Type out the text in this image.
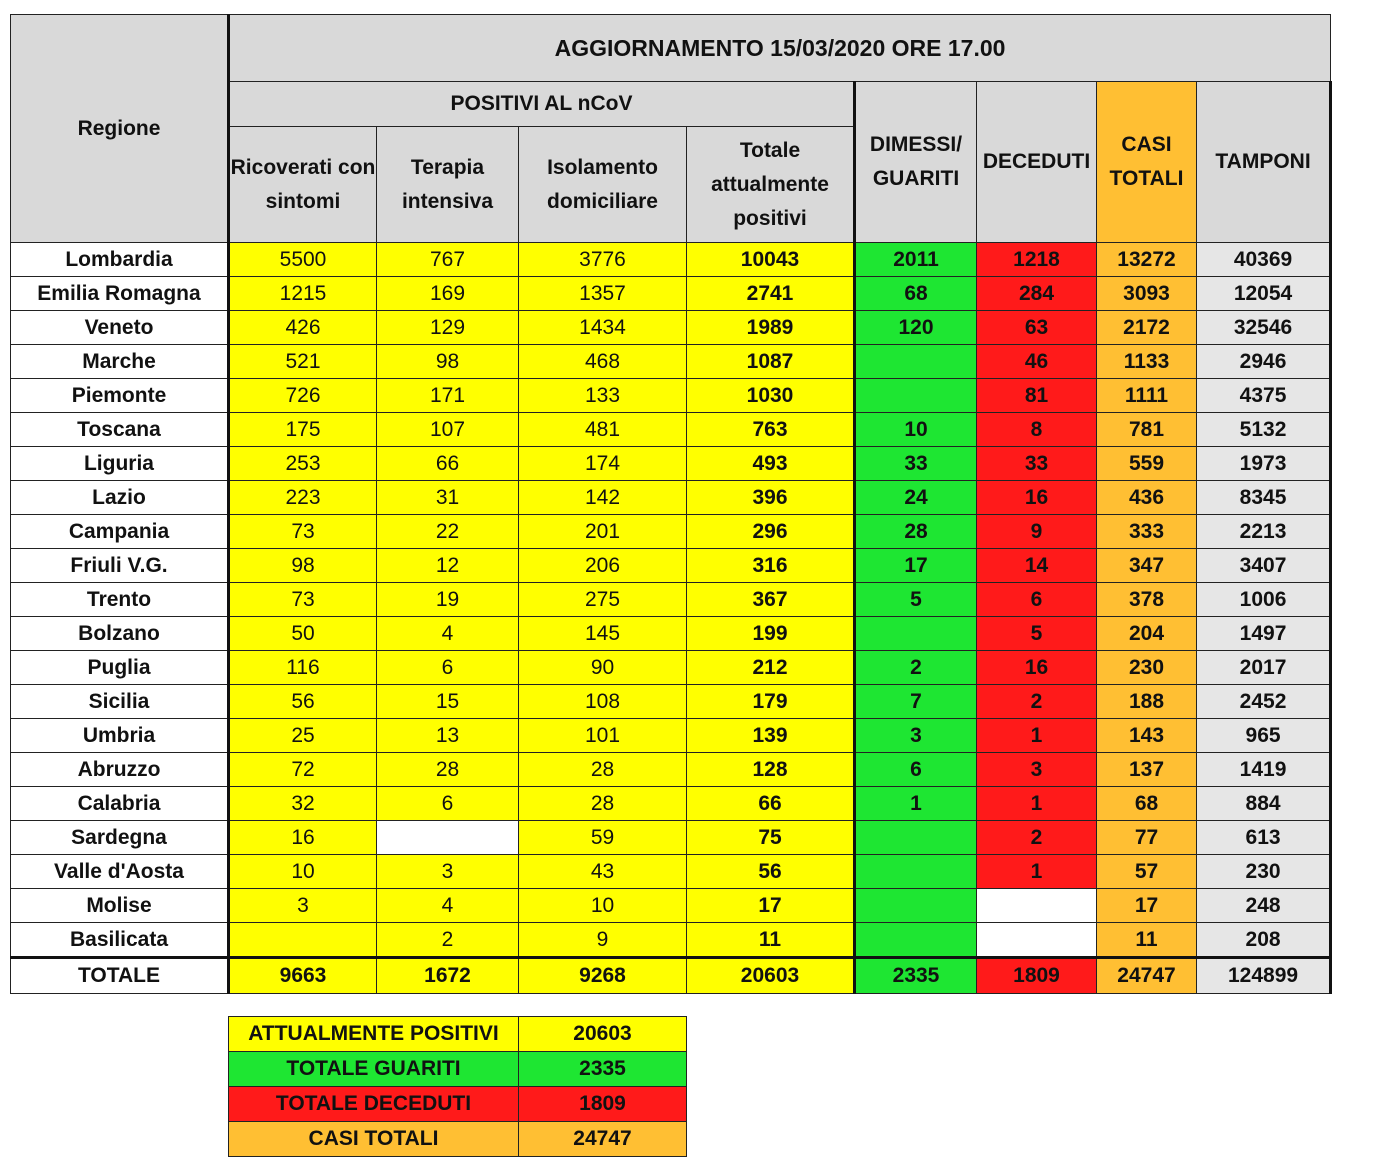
Regione	AGGIORNAMENTO 15/03/2020 ORE 17.00							
	POSITIVI AL nCoV				DIMESSI/ GUARITI	DECEDUTI	CASI TOTALI	TAMPONI
	Ricoverati con sintomi	Terapia intensiva	Isolamento domiciliare	Totale attualmente positivi				
Lombardia	5500	767	3776	10043	2011	1218	13272	40369
Emilia Romagna	1215	169	1357	2741	68	284	3093	12054
Veneto	426	129	1434	1989	120	63	2172	32546
Marche	521	98	468	1087		46	1133	2946
Piemonte	726	171	133	1030		81	1111	4375
Toscana	175	107	481	763	10	8	781	5132
Liguria	253	66	174	493	33	33	559	1973
Lazio	223	31	142	396	24	16	436	8345
Campania	73	22	201	296	28	9	333	2213
Friuli V.G.	98	12	206	316	17	14	347	3407
Trento	73	19	275	367	5	6	378	1006
Bolzano	50	4	145	199		5	204	1497
Puglia	116	6	90	212	2	16	230	2017
Sicilia	56	15	108	179	7	2	188	2452
Umbria	25	13	101	139	3	1	143	965
Abruzzo	72	28	28	128	6	3	137	1419
Calabria	32	6	28	66	1	1	68	884
Sardegna	16		59	75		2	77	613
Valle d'Aosta	10	3	43	56		1	57	230
Molise	3	4	10	17			17	248
Basilicata		2	9	11			11	208
TOTALE	9663	1672	9268	20603	2335	1809	24747	124899
ATTUALMENTE POSITIVI	20603
TOTALE GUARITI	2335
TOTALE DECEDUTI	1809
CASI TOTALI	24747
